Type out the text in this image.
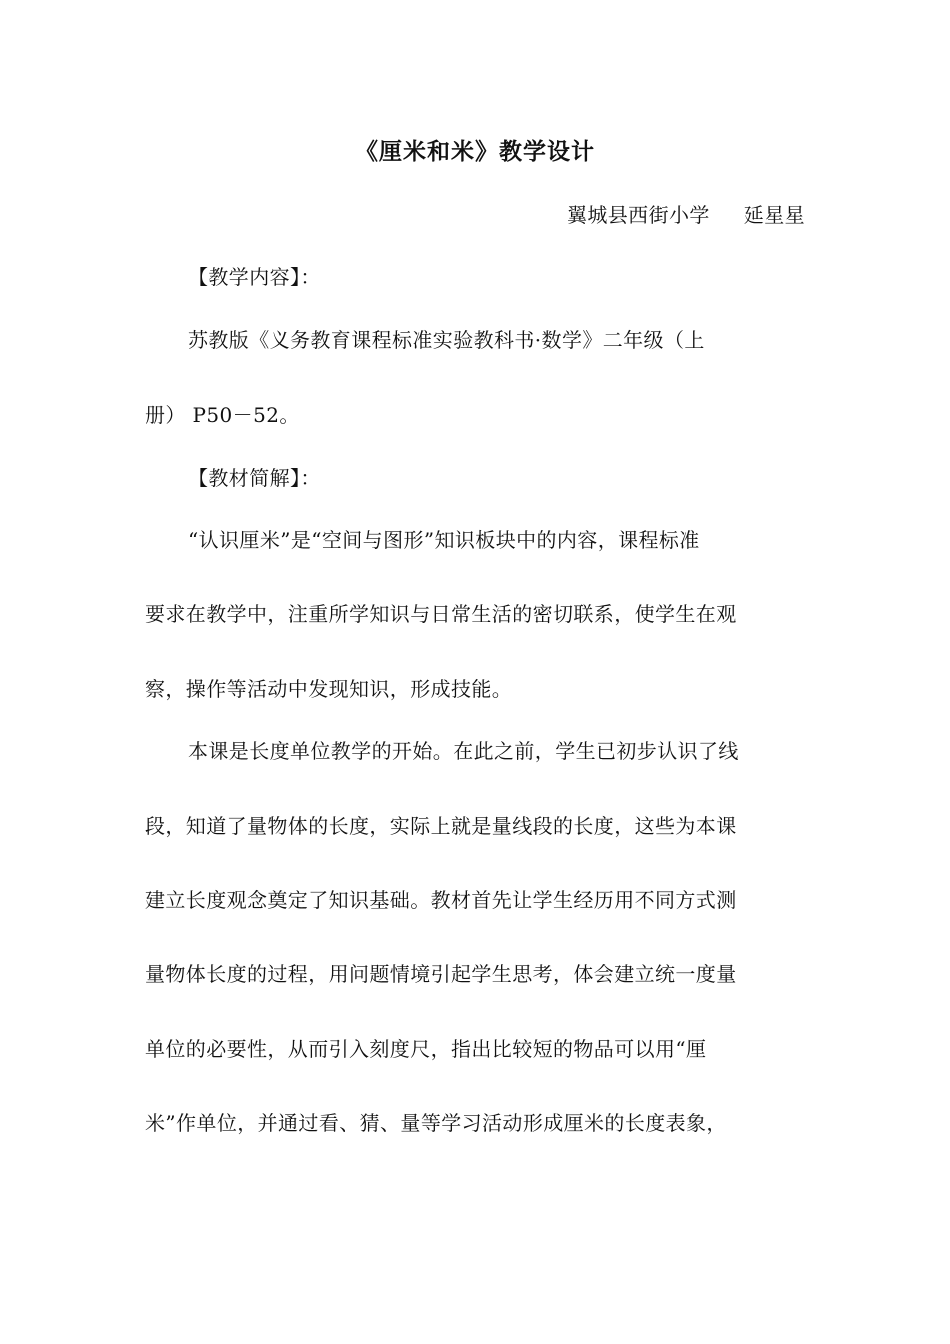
《厘米和米》教学设计
翼城县西街小学 延星星
【教学内容】：
苏教版《义务教育课程标准实验教科书·数学》二年级（上
册） P50－52。
【教材简解】：
“认识厘米”是“空间与图形”知识板块中的内容，课程标准
要求在教学中，注重所学知识与日常生活的密切联系，使学生在观
察，操作等活动中发现知识，形成技能。
本课是长度单位教学的开始。在此之前，学生已初步认识了线
段，知道了量物体的长度，实际上就是量线段的长度，这些为本课
建立长度观念奠定了知识基础。教材首先让学生经历用不同方式测
量物体长度的过程，用问题情境引起学生思考，体会建立统一度量
单位的必要性，从而引入刻度尺，指出比较短的物品可以用“厘
米”作单位，并通过看、猜、量等学习活动形成厘米的长度表象，
